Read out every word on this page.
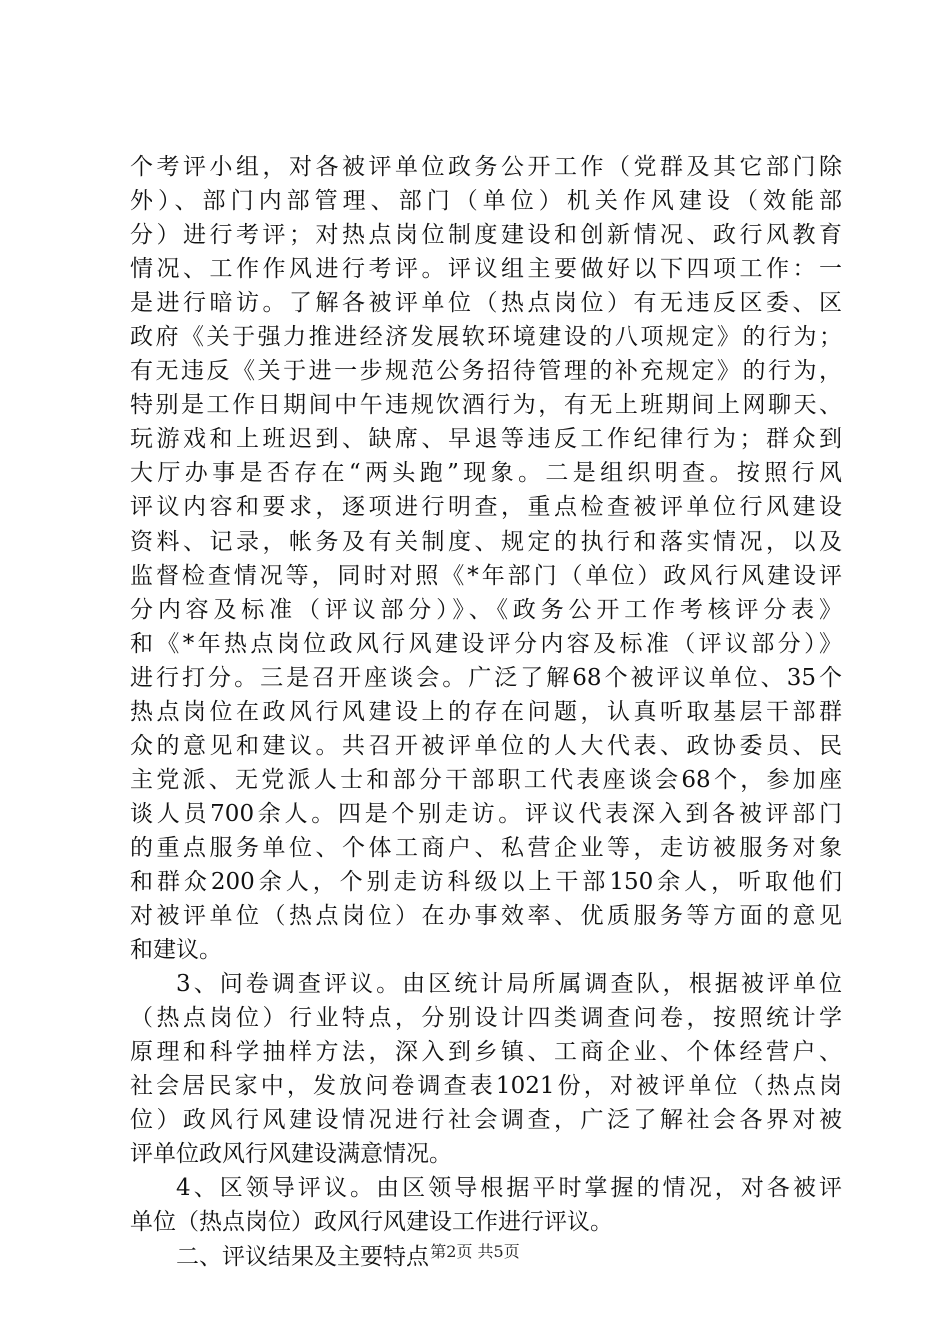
个考评小组，对各被评单位政务公开工作（党群及其它部门除
外）、部门内部管理、部门（单位）机关作风建设（效能部
分）进行考评；对热点岗位制度建设和创新情况、政行风教育
情况、工作作风进行考评。评议组主要做好以下四项工作：一
是进行暗访。了解各被评单位（热点岗位）有无违反区委、区
政府《关于强力推进经济发展软环境建设的八项规定》的行为；
有无违反《关于进一步规范公务招待管理的补充规定》的行为，
特别是工作日期间中午违规饮酒行为，有无上班期间上网聊天、
玩游戏和上班迟到、缺席、早退等违反工作纪律行为；群众到
大厅办事是否存在“两头跑”现象。二是组织明查。按照行风
评议内容和要求，逐项进行明查，重点检查被评单位行风建设
资料、记录，帐务及有关制度、规定的执行和落实情况，以及
监督检查情况等，同时对照《*年部门（单位）政风行风建设评
分内容及标准（评议部分）》、《政务公开工作考核评分表》
和《*年热点岗位政风行风建设评分内容及标准（评议部分）》
进行打分。三是召开座谈会。广泛了解68个被评议单位、35个
热点岗位在政风行风建设上的存在问题，认真听取基层干部群
众的意见和建议。共召开被评单位的人大代表、政协委员、民
主党派、无党派人士和部分干部职工代表座谈会68个，参加座
谈人员700余人。四是个别走访。评议代表深入到各被评部门
的重点服务单位、个体工商户、私营企业等，走访被服务对象
和群众200余人，个别走访科级以上干部150余人，听取他们
对被评单位（热点岗位）在办事效率、优质服务等方面的意见
和建议。
3、问卷调查评议。由区统计局所属调查队，根据被评单位
（热点岗位）行业特点，分别设计四类调查问卷，按照统计学
原理和科学抽样方法，深入到乡镇、工商企业、个体经营户、
社会居民家中，发放问卷调查表1021份，对被评单位（热点岗
位）政风行风建设情况进行社会调查，广泛了解社会各界对被
评单位政风行风建设满意情况。
4、区领导评议。由区领导根据平时掌握的情况，对各被评
单位（热点岗位）政风行风建设工作进行评议。
二、评议结果及主要特点 第2页 共5页
